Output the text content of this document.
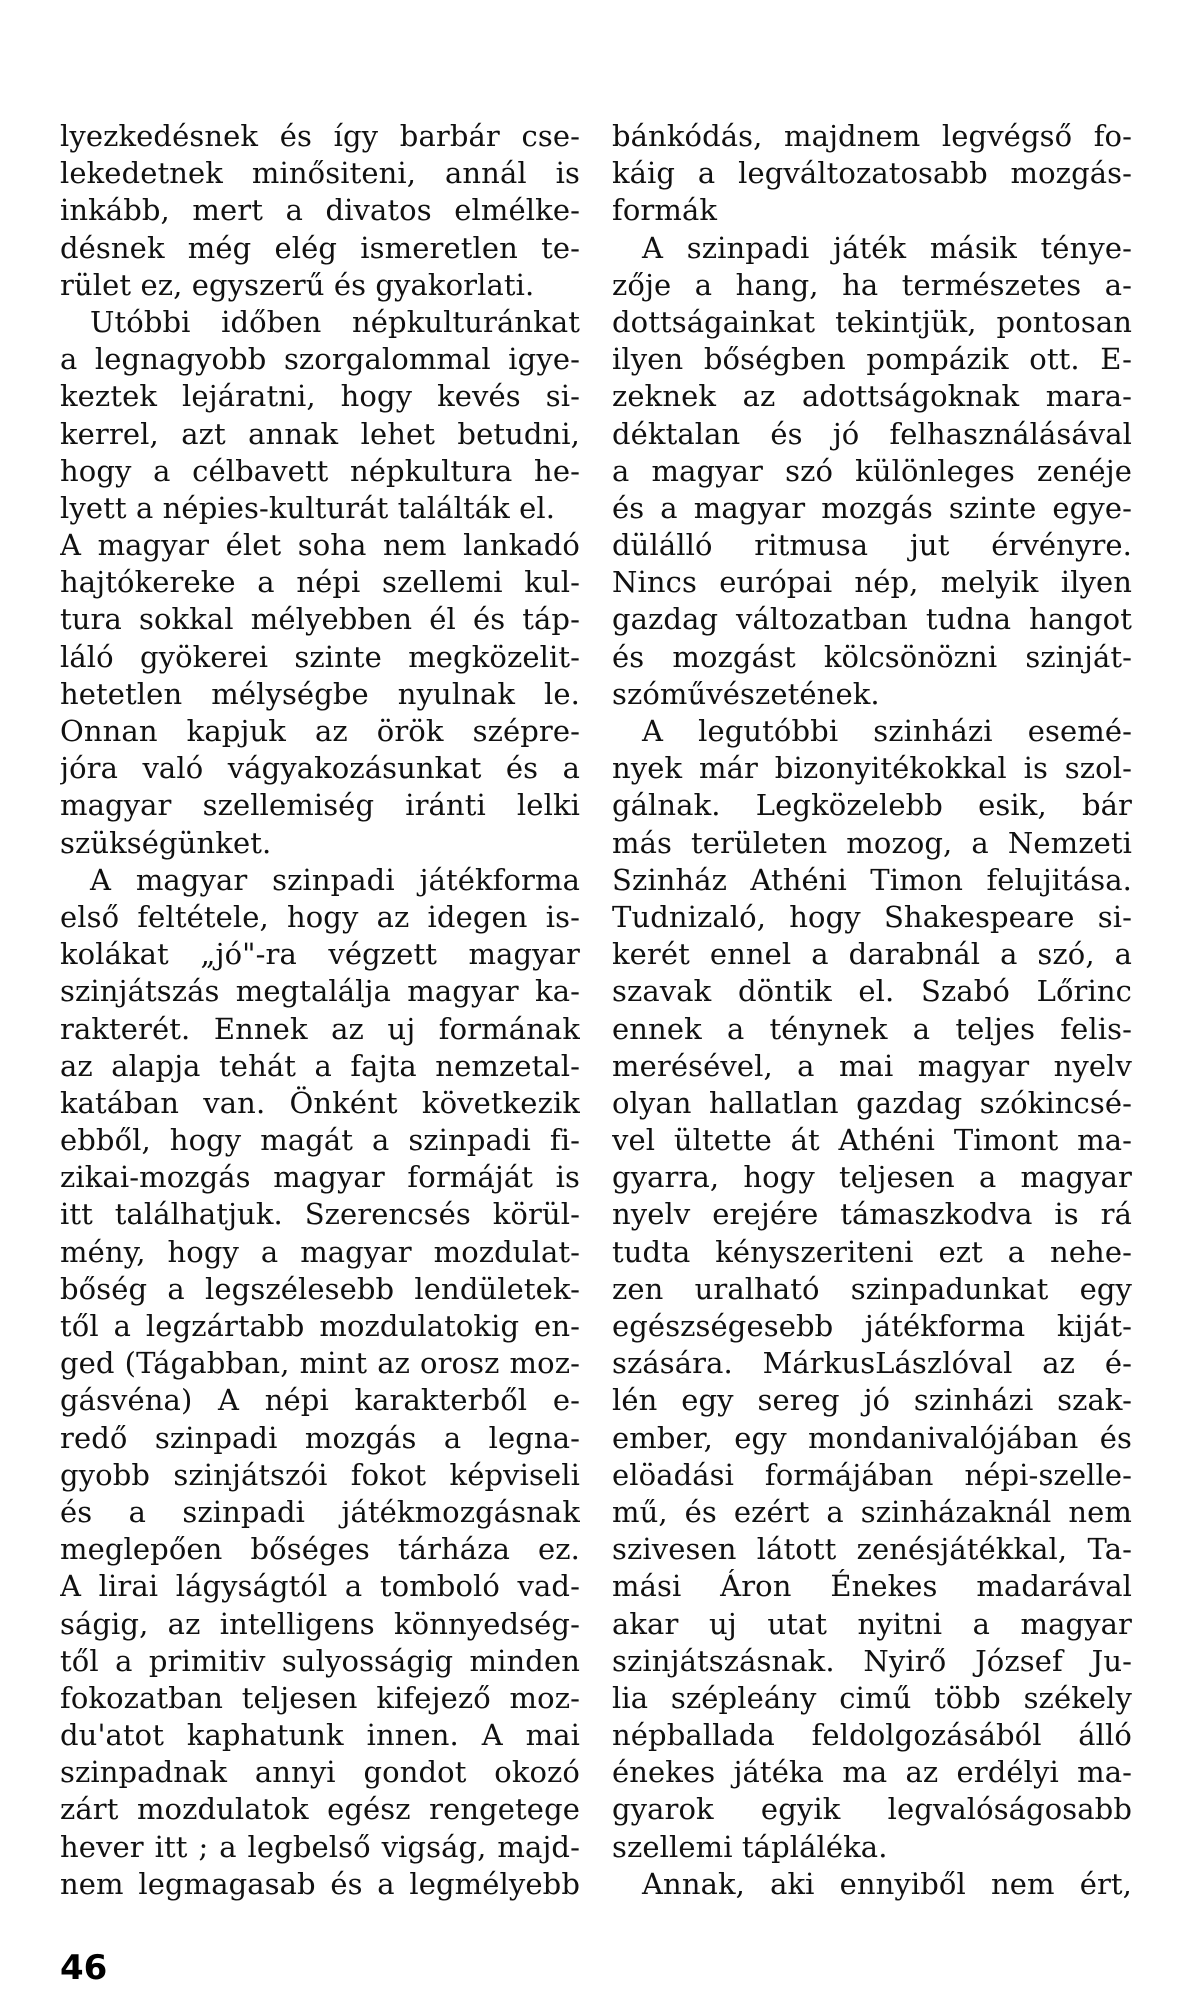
lyezkedésnek és így barbár cse-
lekedetnek minősiteni, annál is
inkább, mert a divatos elmélke-
désnek még elég ismeretlen te-
rület ez, egyszerű és gyakorlati.
Utóbbi időben népkulturánkat
a legnagyobb szorgalommal igye-
keztek lejáratni, hogy kevés si-
kerrel, azt annak lehet betudni,
hogy a célbavett népkultura he-
lyett a népies-kulturát találták el.
A magyar élet soha nem lankadó
hajtókereke a népi szellemi kul-
tura sokkal mélyebben él és táp-
láló gyökerei szinte megközelit-
hetetlen mélységbe nyulnak le.
Onnan kapjuk az örök szépre-
jóra való vágyakozásunkat és a
magyar szellemiség iránti lelki
szükségünket.
A magyar szinpadi játékforma
első feltétele, hogy az idegen is-
kolákat „jó"-ra végzett magyar
szinjátszás megtalálja magyar ka-
rakterét. Ennek az uj formának
az alapja tehát a fajta nemzetal-
katában van. Önként következik
ebből, hogy magát a szinpadi fi-
zikai-mozgás magyar formáját is
itt találhatjuk. Szerencsés körül-
mény, hogy a magyar mozdulat-
bőség a legszélesebb lendületek-
től a legzártabb mozdulatokig en-
ged (Tágabban, mint az orosz moz-
gásvéna) A népi karakterből e-
redő szinpadi mozgás a legna-
gyobb szinjátszói fokot képviseli
és a szinpadi játékmozgásnak
meglepően bőséges tárháza ez.
A lirai lágyságtól a tomboló vad-
ságig, az intelligens könnyedség-
től a primitiv sulyosságig minden
fokozatban teljesen kifejező moz-
du'atot kaphatunk innen. A mai
szinpadnak annyi gondot okozó
zárt mozdulatok egész rengetege
hever itt ; a legbelső vigság, majd-
nem legmagasab és a legmélyebb
bánkódás, majdnem legvégső fo-
káig a legváltozatosabb mozgás-
formák
A szinpadi játék másik ténye-
zője a hang, ha természetes a-
dottságainkat tekintjük, pontosan
ilyen bőségben pompázik ott. E-
zeknek az adottságoknak mara-
déktalan és jó felhasználásával
a magyar szó különleges zenéje
és a magyar mozgás szinte egye-
dülálló ritmusa jut érvényre.
Nincs európai nép, melyik ilyen
gazdag változatban tudna hangot
és mozgást kölcsönözni szinját-
szóművészetének.
A legutóbbi szinházi esemé-
nyek már bizonyitékokkal is szol-
gálnak. Legközelebb esik, bár
más területen mozog, a Nemzeti
Szinház Athéni Timon felujitása.
Tudnizaló, hogy Shakespeare si-
kerét ennel a darabnál a szó, a
szavak döntik el. Szabó Lőrinc
ennek a ténynek a teljes felis-
merésével, a mai magyar nyelv
olyan hallatlan gazdag szókincsé-
vel ültette át Athéni Timont ma-
gyarra, hogy teljesen a magyar
nyelv erejére támaszkodva is rá
tudta kényszeriteni ezt a nehe-
zen uralható szinpadunkat egy
egészségesebb játékforma kiját-
szására. MárkusLászlóval az é-
lén egy sereg jó szinházi szak-
ember, egy mondanivalójában és
elöadási formájában népi-szelle-
mű, és ezért a szinházaknál nem
szivesen látott zenésjátékkal, Ta-
mási Áron Énekes madarával
akar uj utat nyitni a magyar
szinjátszásnak. Nyirő József Ju-
lia szépleány cimű több székely
népballada feldolgozásából álló
énekes játéka ma az erdélyi ma-
gyarok egyik legvalóságosabb
szellemi tápláléka.
Annak, aki ennyiből nem ért,
46
